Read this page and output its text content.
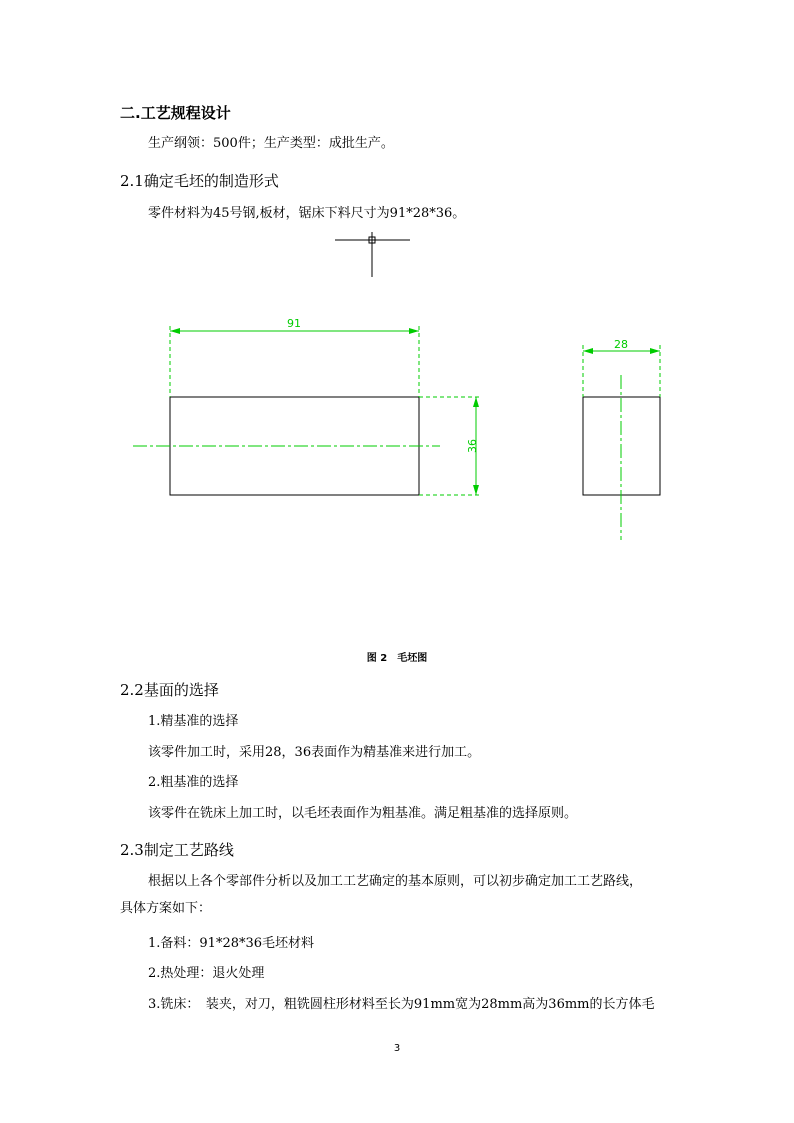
二.工艺规程设计
生产纲领：500件；生产类型：成批生产。
2.1确定毛坯的制造形式
零件材料为45号钢,板材，锯床下料尺寸为91*28*36。
91
36
28
图 2　毛坯图
2.2基面的选择
1.精基准的选择
该零件加工时，采用28，36表面作为精基准来进行加工。
2.粗基准的选择
该零件在铣床上加工时，以毛坯表面作为粗基准。满足粗基准的选择原则。
2.3制定工艺路线
根据以上各个零部件分析以及加工工艺确定的基本原则，可以初步确定加工工艺路线，
具体方案如下：
1.备料：91*28*36毛坯材料
2.热处理：退火处理
3.铣床：　装夹，对刀，粗铣圆柱形材料至长为91mm宽为28mm高为36mm的长方体毛
3
